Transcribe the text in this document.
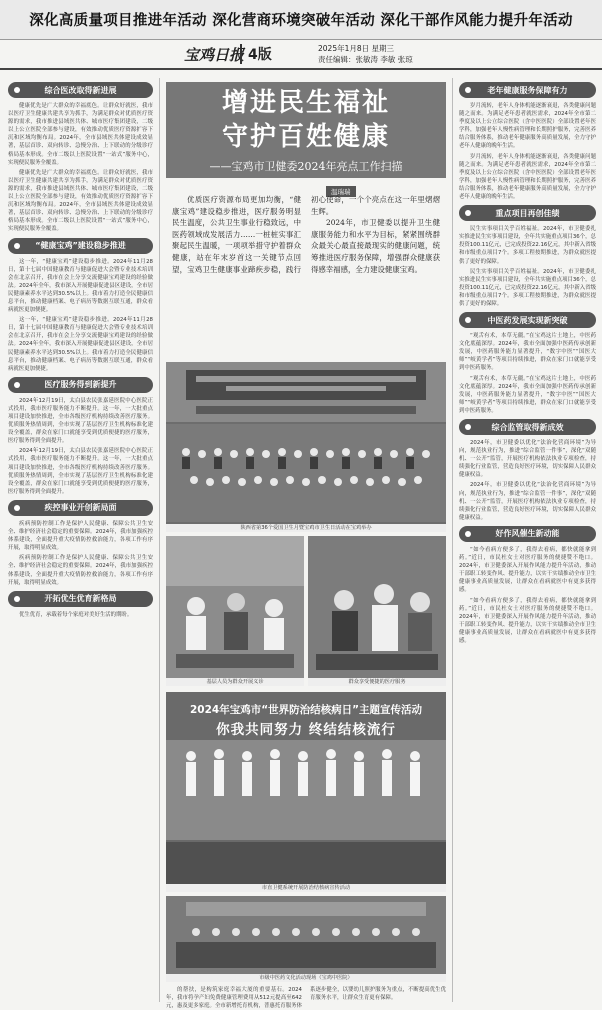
深化高质量项目推进年活动 深化营商环境突破年活动 深化干部作风能力提升年活动
宝鸡日报 4版	2025年1月8日 星期三
责任编辑：张敏涛 李敏 张琼
综合医改取得新进展

健康优先是广大群众的幸福底色。让群众好就医，我市以医疗卫生健康共建共享为抓手，为满足群众对优质医疗资源的需求，我市推进县域医共体、城市医疗集团建设，二级以上公立医院全部参与建设，有效推动优质医疗资源扩容下沉和区域均衡布局。2024年，全市县域医共体建设成效显著，基层首诊、双向转诊、急慢分治、上下联动的分级诊疗格局基本形成。全市二级以上医院设置“一站式”服务中心，实现便民服务全覆盖。

健康优先是广大群众的幸福底色。让群众好就医，我市以医疗卫生健康共建共享为抓手，为满足群众对优质医疗资源的需求，我市推进县域医共体、城市医疗集团建设，二级以上公立医院全部参与建设，有效推动优质医疗资源扩容下沉和区域均衡布局。2024年，全市县域医共体建设成效显著，基层首诊、双向转诊、急慢分治、上下联动的分级诊疗格局基本形成。全市二级以上医院设置“一站式”服务中心，实现便民服务全覆盖。

“健康宝鸡”建设稳步推进

这一年，“健康宝鸡”建设稳步推进。2024年11月28日，第十七届中国健康教育与健康促进大会暨专业技术培训会在北京召开，我市在会上分享交流健康宝鸡建设的经验做法。2024年全年，我市深入开展健康促进县区建设，全市居民健康素养水平达到30.5%以上。我市着力打造全民健康信息平台，推动健康档案、电子病历等数据互联互通，群众看病就医更加便捷。

这一年，“健康宝鸡”建设稳步推进。2024年11月28日，第十七届中国健康教育与健康促进大会暨专业技术培训会在北京召开，我市在会上分享交流健康宝鸡建设的经验做法。2024年全年，我市深入开展健康促进县区建设，全市居民健康素养水平达到30.5%以上。我市着力打造全民健康信息平台，推动健康档案、电子病历等数据互联互通，群众看病就医更加便捷。

医疗服务得到新提升

2024年12月19日，太白县农民张嘉延医院中心医院正式投用，我市医疗服务能力不断提升。这一年，一大批重点项目建设加快推进，全市各级医疗机构持续改善医疗服务。优质服务热情周到，全市实现了基层医疗卫生机构标准化建设全覆盖，群众在家门口就能享受到优质便捷的医疗服务，医疗服务得到全面提升。

2024年12月19日，太白县农民张嘉延医院中心医院正式投用，我市医疗服务能力不断提升。这一年，一大批重点项目建设加快推进，全市各级医疗机构持续改善医疗服务。优质服务热情周到，全市实现了基层医疗卫生机构标准化建设全覆盖，群众在家门口就能享受到优质便捷的医疗服务，医疗服务得到全面提升。

疾控事业开创新局面

疾病预防控制工作是保护人民健康、保障公共卫生安全、维护经济社会稳定的重要保障。2024年，我市加强疾控体系建设，全面提升重大疫情防控救治能力，各项工作有序开展，取得明显成效。

疾病预防控制工作是保护人民健康、保障公共卫生安全、维护经济社会稳定的重要保障。2024年，我市加强疾控体系建设，全面提升重大疫情防控救治能力，各项工作有序开展，取得明显成效。

开拓优生优育新格局

优生优育，承载着每个家庭对美好生活的期盼。

增进民生福祉
守护百姓健康
——宝鸡市卫健委2024年亮点工作扫描
温瑞瑞

优质医疗资源布局更加均衡，“健康宝鸡”建设稳步推进，医疗服务明显民生温度，公共卫生事业行稳致远，中医药领域成发展活力……一桩桩实事汇聚起民生温暖，一项项举措守护着群众健康，站在年末岁首这一关键节点回望，宝鸡卫生健康事业蹄疾步稳，践行初心使命，一个个亮点在这一年里熠熠生辉。

2024年，市卫健委以提升卫生健康服务能力和水平为目标，紧紧围绕群众最关心最直接最现实的健康问题，统筹推进医疗服务保障，增强群众健康获得感幸福感，全力建设健康宝鸡。

陕西省第36个爱国卫生月暨宝鸡市卫生日活动在宝鸡举办
基层人员为群众开展义诊	群众享受便捷的医疗服务
2024年宝鸡市“世界防治结核病日”主题宣传活动
你我共同努力 终结结核流行
市直卫健系统开展防治结核病宣传活动
市级中医药文化活动现场（宝鸡中医院）

的帮扶，是构筑家庭幸福大厦的重要基石。2024年，我市将孕产妇免费健康管理费用从512元提高至642元，惠及更多家庭。全市新增托育机构，普惠托育服务体系逐步健全，以婴幼儿照护服务为重点，不断提高优生优育服务水平，让群众生育更有保障。

老年健康服务保障有力

岁月流转，老年人身体机能逐渐衰退，各类健康问题随之而来。为满足老年患者就医需求，2024年全市第二季度及以上公立综合医院（含中医医院）全部设置老年医学科，加强老年人慢性病管理和长期照护服务，完善医养结合服务体系，推动老年健康服务高质量发展，全力守护老年人健康的晚年生活。

岁月流转，老年人身体机能逐渐衰退，各类健康问题随之而来。为满足老年患者就医需求，2024年全市第二季度及以上公立综合医院（含中医医院）全部设置老年医学科，加强老年人慢性病管理和长期照护服务，完善医养结合服务体系，推动老年健康服务高质量发展，全力守护老年人健康的晚年生活。

重点项目再创佳绩

民生实事项目关乎百姓福祉。2024年，市卫健委扎实推进民生实事项目建设，全年共实施重点项目36个，总投资100.11亿元，已完成投资22.16亿元，其中新入省级和市级重点项目7个。多项工程按期推进，为群众就医提供了更好的保障。

民生实事项目关乎百姓福祉。2024年，市卫健委扎实推进民生实事项目建设，全年共实施重点项目36个，总投资100.11亿元，已完成投资22.16亿元，其中新入省级和市级重点项目7个。多项工程按期推进，为群众就医提供了更好的保障。

中医药发展实现新突破

“观舌有术，本草无疆。”在宝鸡这片土地上，中医药文化底蕴深厚。2024年，我市全面加强中医药传承创新发展，中医药服务能力显著提升，“数字中医”“国医大师”“岐黄学者”等项目持续推进，群众在家门口就能享受到中医药服务。

“观舌有术，本草无疆。”在宝鸡这片土地上，中医药文化底蕴深厚。2024年，我市全面加强中医药传承创新发展，中医药服务能力显著提升，“数字中医”“国医大师”“岐黄学者”等项目持续推进，群众在家门口就能享受到中医药服务。

综合监管取得新成效

2024年，市卫健委以优化“法治化营商环境”为导向，规范执业行为，推进“综合监管一件事”，深化“双随机、一公开”监管，开展医疗机构依法执业专项检查，持续强化行业监管，营造良好医疗环境，切实保障人民群众健康权益。

2024年，市卫健委以优化“法治化营商环境”为导向，规范执业行为，推进“综合监管一件事”，深化“双随机、一公开”监管，开展医疗机构依法执业专项检查，持续强化行业监管，营造良好医疗环境，切实保障人民群众健康权益。

好作风催生新动能

“如今看病方便多了，我得去看病，都快就能拿到药。”近日，市民杜女士对医疗服务的便捷赞不绝口。2024年，市卫健委深入开展作风能力提升年活动，推动干部职工转变作风、提升能力，以实干实绩推动全市卫生健康事业高质量发展，让群众在看病就医中有更多获得感。

“如今看病方便多了，我得去看病，都快就能拿到药。”近日，市民杜女士对医疗服务的便捷赞不绝口。2024年，市卫健委深入开展作风能力提升年活动，推动干部职工转变作风、提升能力，以实干实绩推动全市卫生健康事业高质量发展，让群众在看病就医中有更多获得感。
